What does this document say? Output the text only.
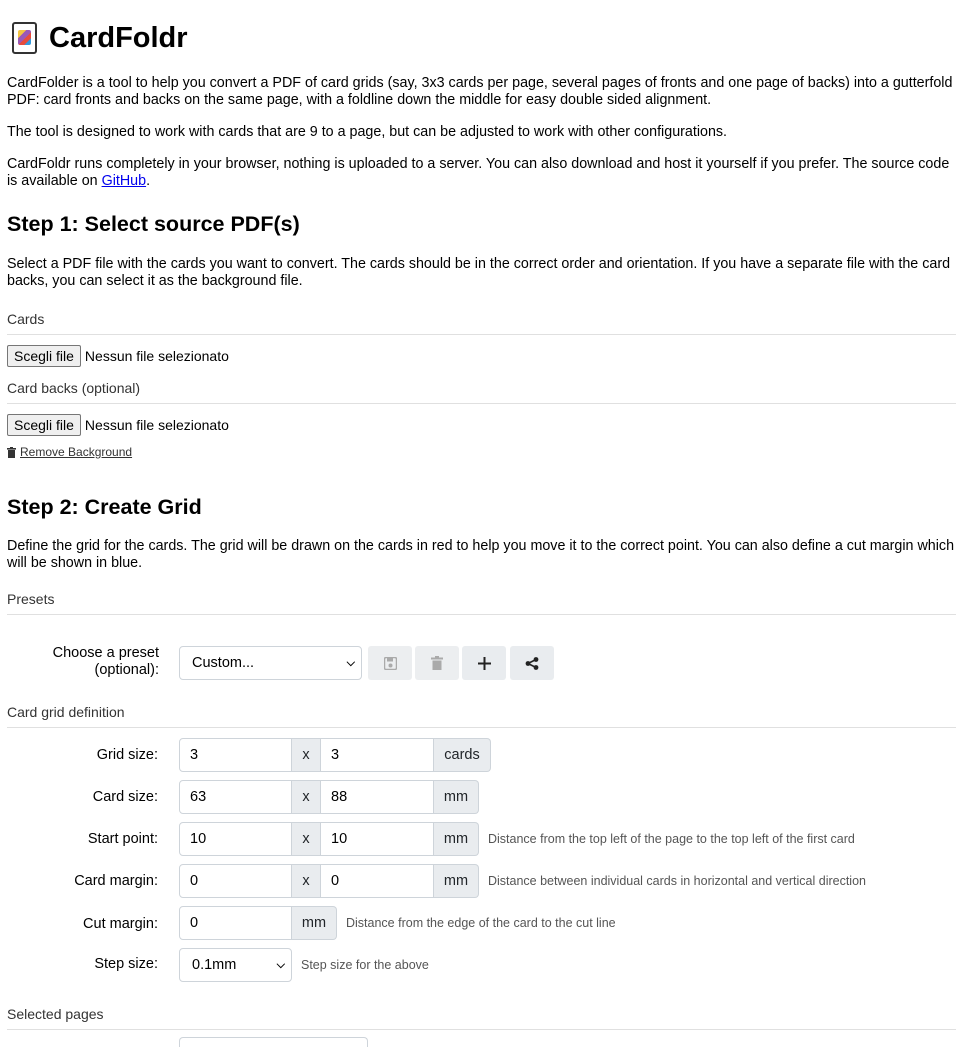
CardFoldr

CardFolder is a tool to help you convert a PDF of card grids (say, 3x3 cards per page, several pages of fronts and one page of backs) into a gutterfold PDF: card fronts and backs on the same page, with a foldline down the middle for easy double sided alignment.

The tool is designed to work with cards that are 9 to a page, but can be adjusted to work with other configurations.

CardFoldr runs completely in your browser, nothing is uploaded to a server. You can also download and host it yourself if you prefer. The source code is available on GitHub.

Step 1: Select source PDF(s)

Select a PDF file with the cards you want to convert. The cards should be in the correct order and orientation. If you have a separate file with the card backs, you can select it as the background file.

Cards
Scegli file Nessun file selezionato
Card backs (optional)
Scegli file Nessun file selezionato
Remove Background
Step 2: Create Grid

Define the grid for the cards. The grid will be drawn on the cards in red to help you move it to the correct point. You can also define a cut margin which will be shown in blue.

Presets
Choose a preset (optional): Custom...	⌵
Card grid definition
Grid size:	3	x	3	cards
Card size:	63	x	88	mm
Start point:	10	x	10	mm	Distance from the top left of the page to the top left of the first card
Card margin:	0	x	0	mm	Distance between individual cards in horizontal and vertical direction
Cut margin:	0	mm	Distance from the edge of the card to the cut line
Step size: 0.1mm	⌵ Step size for the above
Selected pages
